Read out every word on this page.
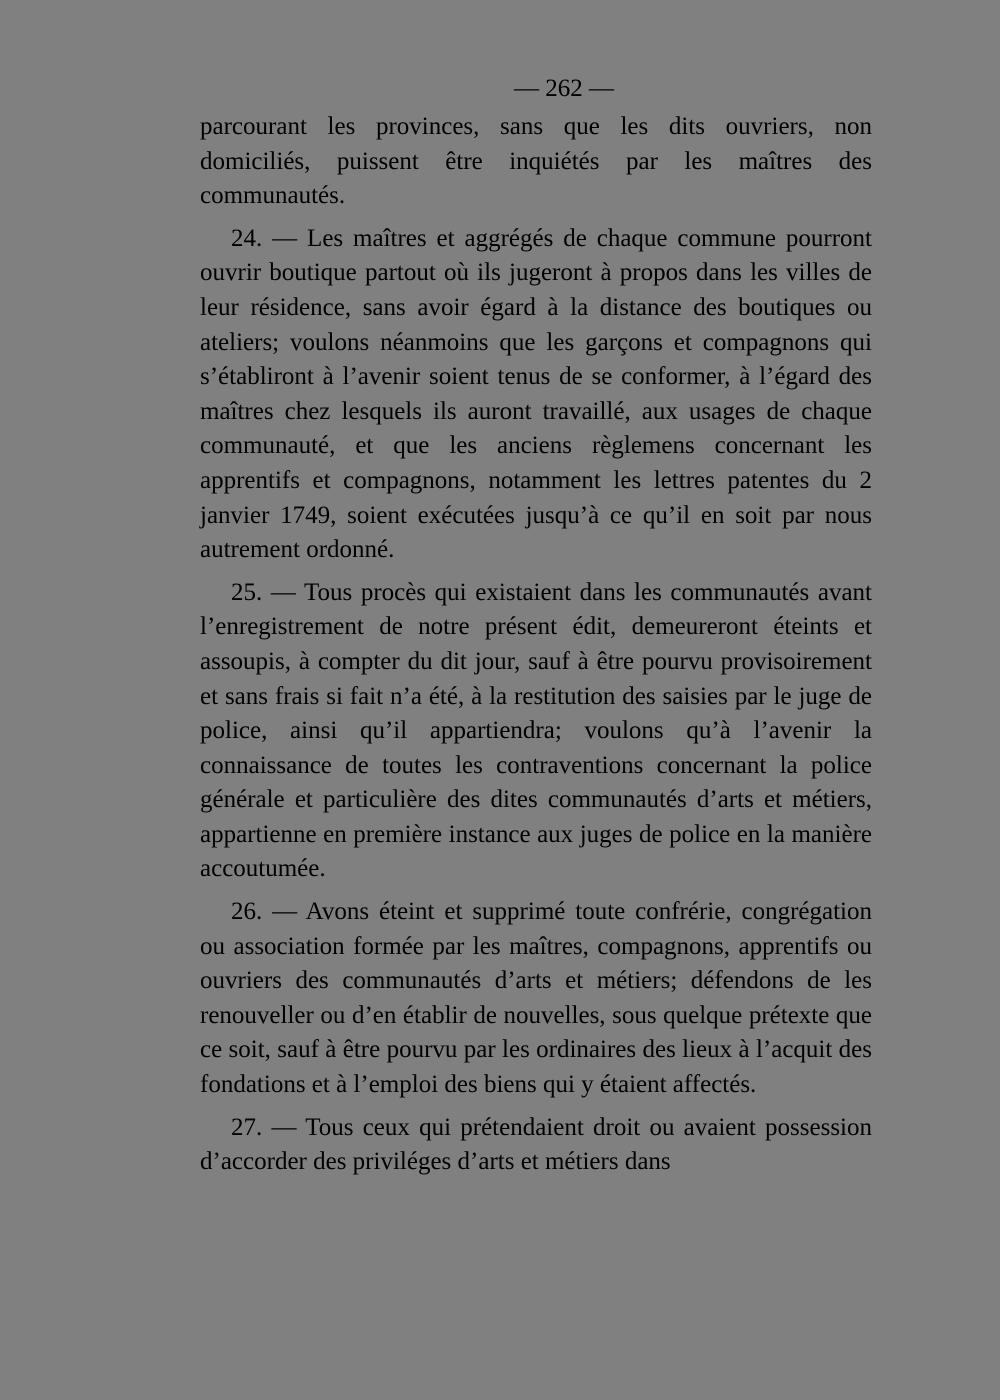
— 262 —

parcourant les provinces, sans que les dits ouvriers, non domiciliés, puissent être inquiétés par les maîtres des communautés.

24. — Les maîtres et aggrégés de chaque commune pourront ouvrir boutique partout où ils jugeront à propos dans les villes de leur résidence, sans avoir égard à la distance des boutiques ou ateliers; voulons néanmoins que les garçons et compagnons qui s’établiront à l’avenir soient tenus de se conformer, à l’égard des maîtres chez lesquels ils auront travaillé, aux usages de chaque communauté, et que les anciens règlemens concernant les apprentifs et compagnons, notamment les lettres patentes du 2 janvier 1749, soient exécutées jusqu’à ce qu’il en soit par nous autrement ordonné.

25. — Tous procès qui existaient dans les communautés avant l’enregistrement de notre présent édit, demeureront éteints et assoupis, à compter du dit jour, sauf à être pourvu provisoirement et sans frais si fait n’a été, à la restitution des saisies par le juge de police, ainsi qu’il appartiendra; voulons qu’à l’avenir la connaissance de toutes les contraventions concernant la police générale et particulière des dites communautés d’arts et métiers, appartienne en première instance aux juges de police en la manière accoutumée.

26. — Avons éteint et supprimé toute confrérie, congrégation ou association formée par les maîtres, compagnons, apprentifs ou ouvriers des communautés d’arts et métiers; défendons de les renouveller ou d’en établir de nouvelles, sous quelque prétexte que ce soit, sauf à être pourvu par les ordinaires des lieux à l’acquit des fondations et à l’emploi des biens qui y étaient affectés.

27. — Tous ceux qui prétendaient droit ou avaient possession d’accorder des priviléges d’arts et métiers dans
